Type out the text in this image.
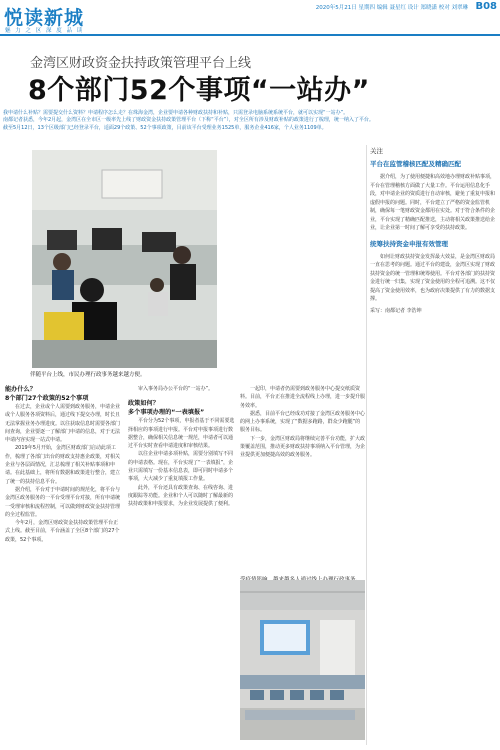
悦读新城
魅 力 之 区 深 度 品 读
2020年5月21日 星期四 编辑 聂星红 设计 郑晓潇 校对 刘翠琳 B08
金湾区财政资金扶持政策管理平台上线
8个部门52个事项“一站办”

我申请什么补贴？需要提交什么资料？申请程序怎么走？在珠海金湾，企业要申请各种财政扶持和补贴，只需登录电脑系统系统平台，就可以实现“一站办”。

南都记者获悉，今年2月起，金湾区在全市区一级率先上线了财政资金扶持政策管理平台（下称“平台”），对全区所有涉及财政补贴的政策进行了梳理，统一纳入了平台。

截至5月12日，13个区级部门已经登录平台，适面29个政策、52个事项政策，目前该平台受理业务1525单，服务企业416家，个人业务1109单。

伴随平台上线，市民办理行政事务越来越方便。
关注
平台在监管稽核匹配及精确匹配
据介绍，为了使用便捷和高效地办理财政补贴事项，平台在管理稽核方面做了大量工作。平台运用信息化手段，对申请企业的资质进行自动审核，避免了重复申报和虚假申报的问题。同时，平台建立了严格的资金监管机制，确保每一笔财政资金都用在实处。对于符合条件的企业，平台实现了精确匹配推送，主动将相关政策推送给企业，让企业第一时间了解可享受的扶持政策。
统筹扶持资金申报有效管理
如何让财政扶持资金发挥最大效益，是金湾区财政局一直在思考的问题。通过平台的建设，金湾区实现了财政扶持资金的统一管理和统筹使用。平台对各部门的扶持资金进行统一归集，实现了资金使用的全程可追溯。这不仅提高了资金使用效率，也为政府决策提供了有力的数据支撑。
采写：南都记者 李浩坤
能办什么？
8个部门27个政策的52个事项

在过去，企业或个人需要到政务服务，申请企业或个人服务各项资料后，通过线下提交办理，时长且无法掌握业务办理进度。以往获取信息时需要各部门间查询，企业要逐一了解部门申请的信息，对于无法申请内容实现一站式申请。

2019年5月开始，金湾区财政部门启动此项工作，梳理了各部门出台的财政支持惠企政策，对相关企业与各层面情况，汇总梳理了相关补贴事项和申请。在此基础上，将所有数据和政策进行整合，建立了统一的扶持信息平台。

据介绍，平台对于申请时间的规范化，将平台与金湾区政务服务的一平台受理平台对接，所有申请统一受理审核和流程控制，可以做到财政资金扶持管理的全过程监管。

今年2月，金湾区财政资金扶持政策管理平台正式上线。截至目前，平台涵盖了全区8个部门的27个政策，52个事项。

审入事务局办公平台的“一站办”。

政策如何？
多个事项办理的“一表填报”

平台分为52个事项，申报者基于不同需要选择相应的事项进行申报。平台对申报事项进行数据整合，确保相关信息统一规范，申请者可以通过平台实时查看申请进度和审核结果。

以往企业申请多项补贴，需要分别填写不同的申请表格。现在，平台实现了“一表填报”，企业只需填写一份基本信息表，即可同时申请多个事项，大大减少了重复填报工作量。

此外，平台还具有政策查询、在线咨询、进度跟踪等功能。企业和个人可以随时了解最新的扶持政策和申报要求，为企业发展提供了便利。

一起印，申请者仍需要到政务服务中心提交纸质资料。目前，平台正在推进全流程线上办理，进一步提升服务效率。

据悉，目前平台已经成功对接了金湾区政务服务中心的网上办事系统，实现了“数据多跑路，群众少跑腿”的服务目标。

下一步，金湾区财政局将继续完善平台功能，扩大政策覆盖范围，推动更多财政扶持事项纳入平台管理，为企业提供更加便捷高效的政务服务。
